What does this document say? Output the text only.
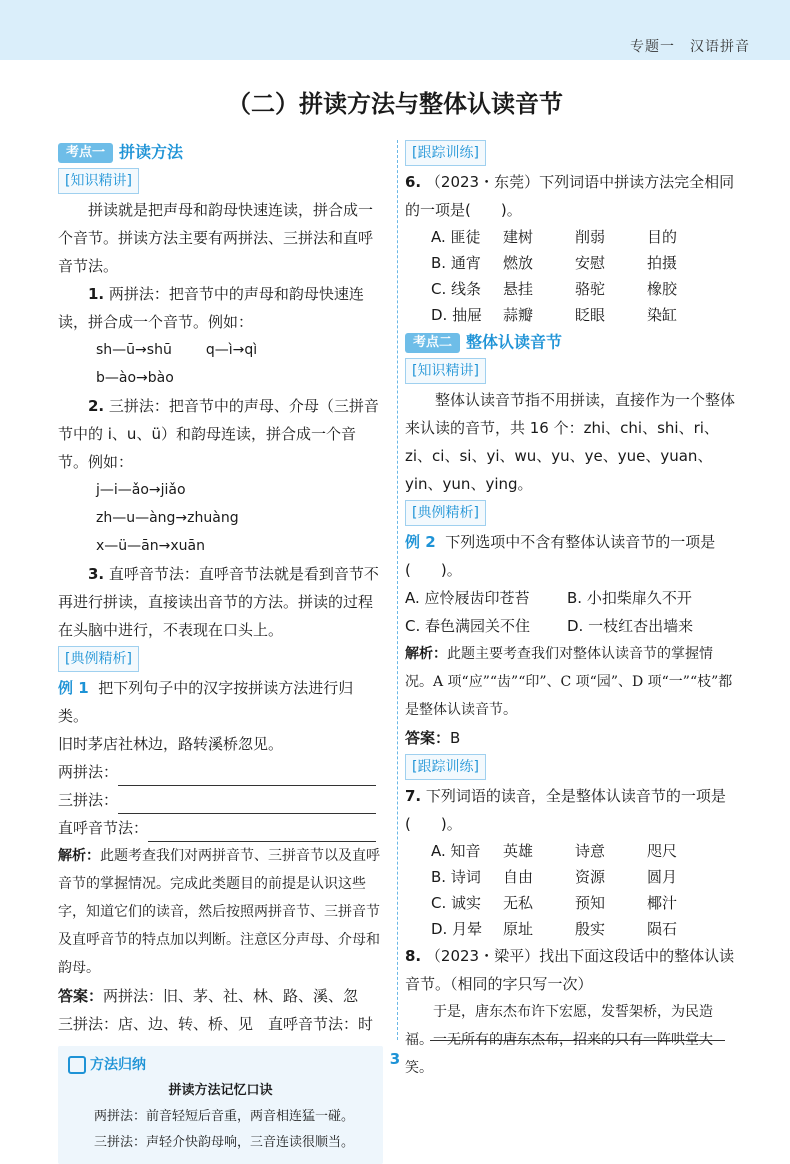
专题一　汉语拼音
（二）拼读方法与整体认读音节
考点一 拼读方法
[知识精讲]

拼读就是把声母和韵母快速连读，拼合成一个音节。拼读方法主要有两拼法、三拼法和直呼音节法。

1. 两拼法：把音节中的声母和韵母快速连读，拼合成一个音节。例如：

sh—ū→shū q—ì→qìb—ào→bào

2. 三拼法：把音节中的声母、介母（三拼音节中的 i、u、ü）和韵母连读，拼合成一个音节。例如：

j—i—ǎo→jiǎozh—u—àng→zhuàng
x—ü—ān→xuān

3. 直呼音节法：直呼音节法就是看到音节不再进行拼读，直接读出音节的方法。拼读的过程在头脑中进行，不表现在口头上。

[典例精析]

例 1 把下列句子中的汉字按拼读方法进行归类。

旧时茅店社林边，路转溪桥忽见。

两拼法：

三拼法：

直呼音节法：

解析：此题考查我们对两拼音节、三拼音节以及直呼音节的掌握情况。完成此类题目的前提是认识这些字，知道它们的读音，然后按照两拼音节、三拼音节及直呼音节的特点加以判断。注意区分声母、介母和韵母。

答案：两拼法：旧、茅、社、林、路、溪、忽　三拼法：店、边、转、桥、见　直呼音节法：时

方法归纳
拼读方法记忆口诀
两拼法：前音轻短后音重，两音相连猛一碰。
三拼法：声轻介快韵母响，三音连读很顺当。
[跟踪训练]

6. （2023・东莞）下列词语中拼读方法完全相同的一项是(　　)。

A. 匪徒 建树	削弱	目的
B. 通宵 燃放	安慰	拍摄
C. 线条 悬挂	骆驼	橡胶
D. 抽屉 蒜瓣	眨眼	染缸
考点二 整体认读音节
[知识精讲]

整体认读音节指不用拼读，直接作为一个整体来认读的音节，共 16 个：zhi、chi、shi、ri、zi、ci、si、yi、wu、yu、ye、yue、yuan、yin、yun、ying。

[典例精析]

例 2 下列选项中不含有整体认读音节的一项是(　　)。

A. 应怜屐齿印苍苔 B. 小扣柴扉久不开
C. 春色满园关不住 D. 一枝红杏出墙来

解析：此题主要考查我们对整体认读音节的掌握情况。A 项“应”“齿”“印”、C 项“园”、D 项“一”“枝”都是整体认读音节。

答案：B

[跟踪训练]

7. 下列词语的读音，全是整体认读音节的一项是(　　)。

A. 知音 英雄	诗意	咫尺
B. 诗词 自由	资源	圆月
C. 诚实 无私	预知	椰汁
D. 月晕 原址	殷实	陨石

8. （2023・梁平）找出下面这段话中的整体认读音节。（相同的字只写一次）

于是，唐东杰布许下宏愿，发誓架桥，为民造福。一无所有的唐东杰布，招来的只有一阵哄堂大笑。

3
